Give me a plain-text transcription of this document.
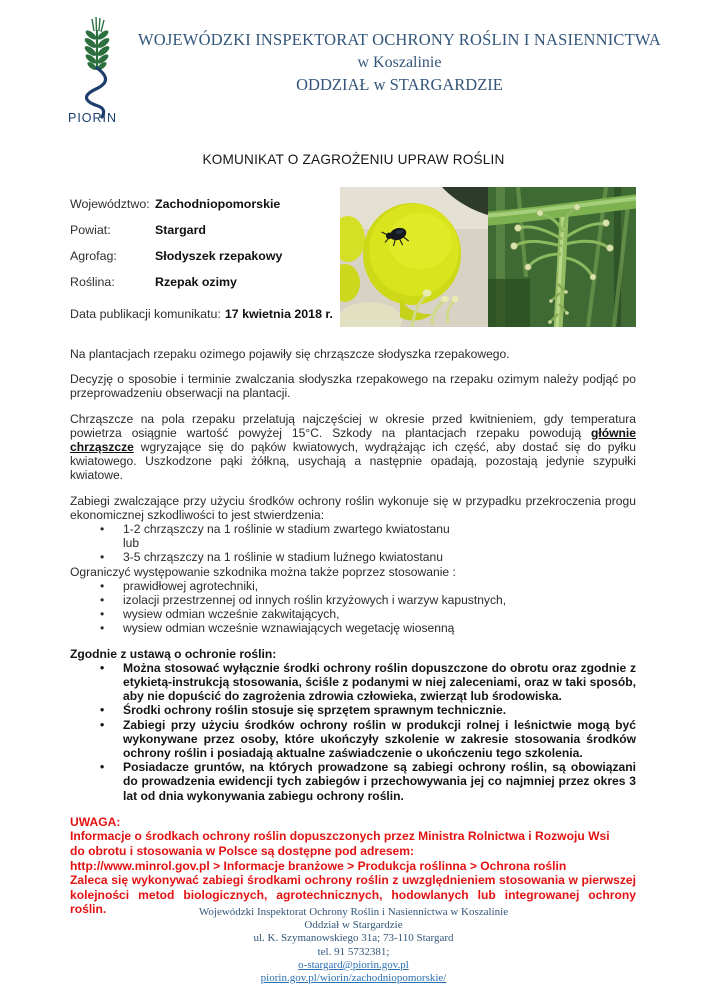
PIORIN
WOJEWÓDZKI INSPEKTORAT OCHRONY ROŚLIN I NASIENNICTWA
w Koszalinie
ODDZIAŁ w STARGARDZIE
KOMUNIKAT O ZAGROŻENIU UPRAW ROŚLIN
Województwo: Zachodniopomorskie
Powiat:	Stargard
Agrofag:	Słodyszek rzepakowy
Roślina:	Rzepak ozimy
Data publikacji komunikatu: 17 kwietnia 2018 r.

Na plantacjach rzepaku ozimego pojawiły się chrząszcze słodyszka rzepakowego.

Decyzję o sposobie i terminie zwalczania słodyszka rzepakowego na rzepaku ozimym należy podjąć po przeprowadzeniu obserwacji na plantacji.

Chrząszcze na pola rzepaku przelatują najczęściej w okresie przed kwitnieniem, gdy temperatura powietrza osiągnie wartość powyżej 15°C. Szkody na plantacjach rzepaku powodują głównie chrząszcze wgryzające się do pąków kwiatowych, wydrążając ich część, aby dostać się do pyłku kwiatowego. Uszkodzone pąki żółkną, usychają a następnie opadają, pozostają jedynie szypułki kwiatowe.

Zabiegi zwalczające przy użyciu środków ochrony roślin wykonuje się w przypadku przekroczenia progu ekonomicznej szkodliwości to jest stwierdzenia:

• 1-2 chrząszczy na 1 roślinie w stadium zwartego kwiatostanu
lub
• 3-5 chrząszczy na 1 roślinie w stadium luźnego kwiatostanu

Ograniczyć występowanie szkodnika można także poprzez stosowanie :

• prawidłowej agrotechniki,
• izolacji przestrzennej od innych roślin krzyżowych i warzyw kapustnych,
• wysiew odmian wcześnie zakwitających,
• wysiew odmian wcześnie wznawiających wegetację wiosenną
Zgodnie z ustawą o ochronie roślin:
• Można stosować wyłącznie środki ochrony roślin dopuszczone do obrotu oraz zgodnie z etykietą-instrukcją stosowania, ściśle z podanymi w niej zaleceniami, oraz w taki sposób, aby nie dopuścić do zagrożenia zdrowia człowieka, zwierząt lub środowiska.
• Środki ochrony roślin stosuje się sprzętem sprawnym technicznie.
• Zabiegi przy użyciu środków ochrony roślin w produkcji rolnej i leśnictwie mogą być wykonywane przez osoby, które ukończyły szkolenie w zakresie stosowania środków ochrony roślin i posiadają aktualne zaświadczenie o ukończeniu tego szkolenia.
• Posiadacze gruntów, na których prowadzone są zabiegi ochrony roślin, są obowiązani do prowadzenia ewidencji tych zabiegów i przechowywania jej co najmniej przez okres 3 lat od dnia wykonywania zabiegu ochrony roślin.
UWAGA:
Informacje o środkach ochrony roślin dopuszczonych przez Ministra Rolnictwa i Rozwoju Wsi
do obrotu i stosowania w Polsce są dostępne pod adresem:
http://www.minrol.gov.pl > Informacje branżowe > Produkcja roślinna > Ochrona roślin
Zaleca się wykonywać zabiegi środkami ochrony roślin z uwzględnieniem stosowania w pierwszej kolejności metod biologicznych, agrotechnicznych, hodowlanych lub integrowanej ochrony roślin.	Wojewódzki Inspektorat Ochrony Roślin i Nasiennictwa w Koszalinie
Oddział w Stargardzie
ul. K. Szymanowskiego 31a; 73-110 Stargard
tel. 91 5732381;
o-stargard@piorin.gov.pl
piorin.gov.pl/wiorin/zachodniopomorskie/
